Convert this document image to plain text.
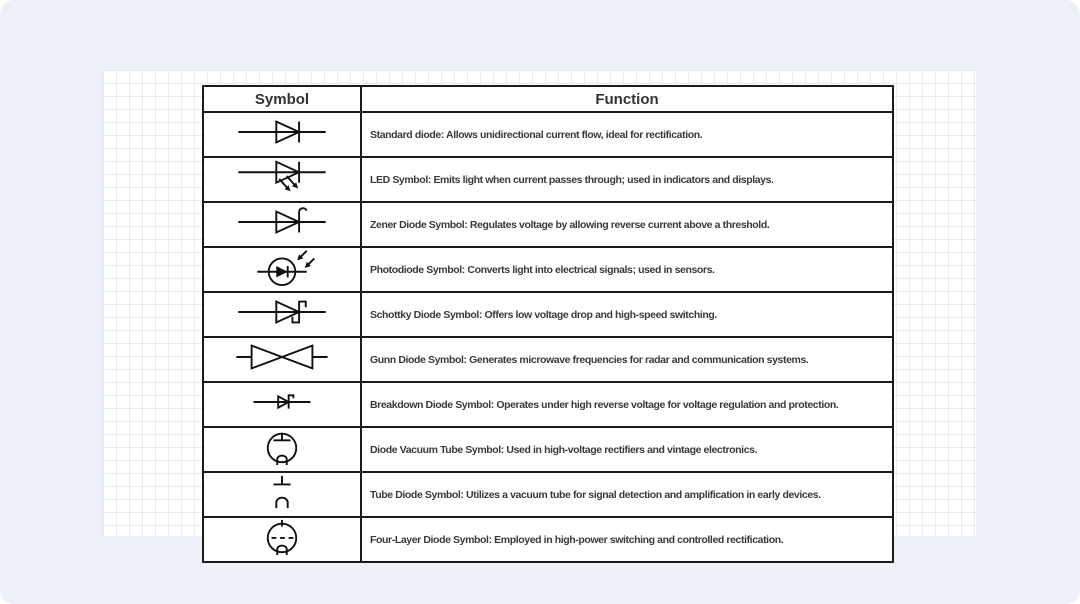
Symbol	Function

	Standard diode: Allows unidirectional current flow, ideal for rectification.

	LED Symbol: Emits light when current passes through; used in indicators and displays.

	Zener Diode Symbol: Regulates voltage by allowing reverse current above a threshold.

	Photodiode Symbol: Converts light into electrical signals; used in sensors.

	Schottky Diode Symbol: Offers low voltage drop and high-speed switching.

	Gunn Diode Symbol: Generates microwave frequencies for radar and communication systems.

	Breakdown Diode Symbol: Operates under high reverse voltage for voltage regulation and protection.

	Diode Vacuum Tube Symbol: Used in high-voltage rectifiers and vintage electronics.

	Tube Diode Symbol: Utilizes a vacuum tube for signal detection and amplification in early devices.

	Four-Layer Diode Symbol: Employed in high-power switching and controlled rectification.
